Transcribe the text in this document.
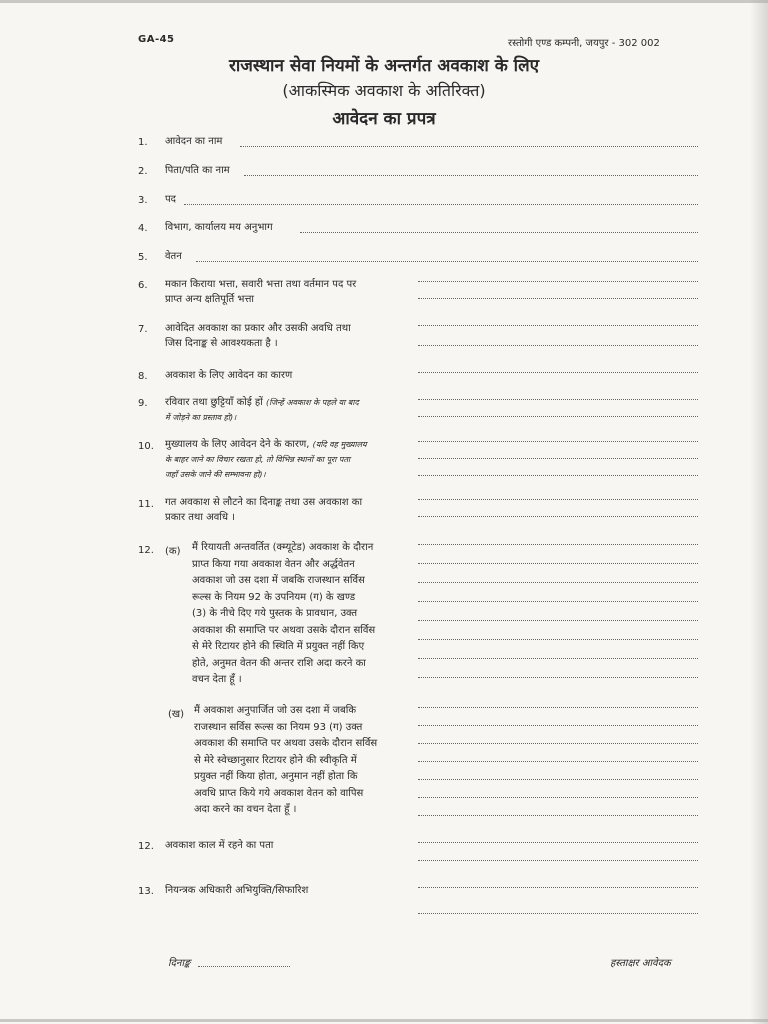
GA-45	रस्तोगी एण्ड कम्पनी, जयपुर - 302 002
राजस्थान सेवा नियमों के अन्तर्गत अवकाश के लिए
(आकस्मिक अवकाश के अतिरिक्त)
आवेदन का प्रपत्र
1. आवेदन का नाम
2. पिता/पति का नाम
3. पद
4. विभाग, कार्यालय मय अनुभाग
5. वेतन
6. मकान किराया भत्ता, सवारी भत्ता तथा वर्तमान पद पर
प्राप्त अन्य क्षतिपूर्ति भत्ता
7. आवेदित अवकाश का प्रकार और उसकी अवधि तथा
जिस दिनाङ्क से आवश्यकता है ।
8. अवकाश के लिए आवेदन का कारण
9. रविवार तथा छुट्टियाँ कोई हों (जिन्हें अवकाश के पहले या बाद
में जोड़ने का प्रस्ताव हो)।
10. मुख्यालय के लिए आवेदन देने के कारण, (यदि वह मुख्यालय
के बाहर जाने का विचार रखता हो, तो विभिन्न स्थानों का पूरा पता
जहाँ उसके जाने की सम्भावना हो)।
11. गत अवकाश से लौटने का दिनाङ्क तथा उस अवकाश का
प्रकार तथा अवधि ।
12. (क) मैं रियायती अन्तवर्तित (क्म्यूटेड) अवकाश के दौरान
प्राप्त किया गया अवकाश वेतन और अर्द्धवेतन
अवकाश जो उस दशा में जबकि राजस्थान सर्विस
रूल्स के नियम 92 के उपनियम (ग) के खण्ड
(3) के नीचे दिए गये पुस्तक के प्रावधान, उक्त
अवकाश की समाप्ति पर अथवा उसके दौरान सर्विस
से मेरे रिटायर होने की स्थिति में प्रयुक्त नहीं किए
होते, अनुमत वेतन की अन्तर राशि अदा करने का
वचन देता हूँ ।
(ख) मैं अवकाश अनुपार्जित जो उस दशा में जबकि
राजस्थान सर्विस रूल्स का नियम 93 (ग) उक्त
अवकाश की समाप्ति पर अथवा उसके दौरान सर्विस
से मेरे स्वेच्छानुसार रिटायर होने की स्वीकृति में
प्रयुक्त नहीं किया होता, अनुमान नहीं होता कि
अवधि प्राप्त किये गये अवकाश वेतन को वापिस
अदा करने का वचन देता हूँ ।
12. अवकाश काल में रहने का पता
13. नियन्त्रक अधिकारी अभियुक्ति/सिफारिश
दिनाङ्क	हस्ताक्षर आवेदक
